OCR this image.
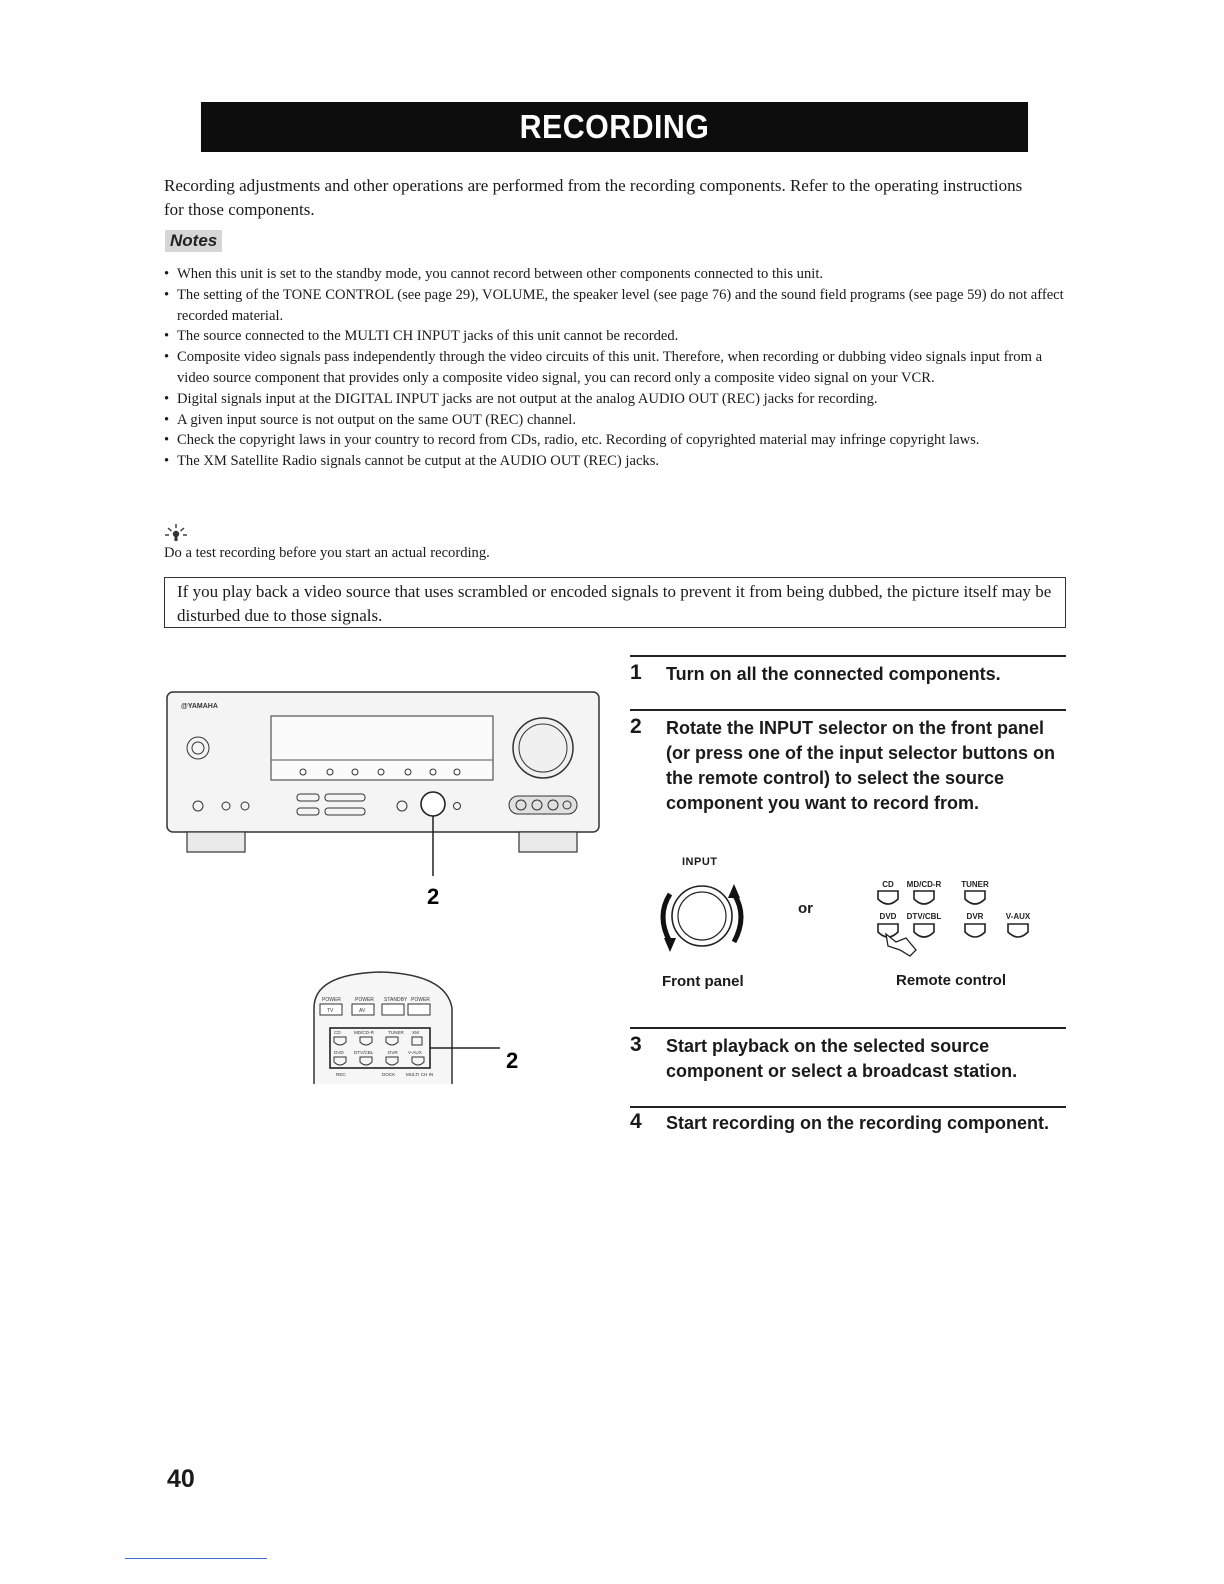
RECORDING
Recording adjustments and other operations are performed from the recording components. Refer to the operating instructions for those components.
Notes
• When this unit is set to the standby mode, you cannot record between other components connected to this unit.
• The setting of the TONE CONTROL (see page 29), VOLUME, the speaker level (see page 76) and the sound field programs (see page 59) do not affect recorded material.
• The source connected to the MULTI CH INPUT jacks of this unit cannot be recorded.
• Composite video signals pass independently through the video circuits of this unit. Therefore, when recording or dubbing video signals input from a video source component that provides only a composite video signal, you can record only a composite video signal on your VCR.
• Digital signals input at the DIGITAL INPUT jacks are not output at the analog AUDIO OUT (REC) jacks for recording.
• A given input source is not output on the same OUT (REC) channel.
• Check the copyright laws in your country to record from CDs, radio, etc. Recording of copyrighted material may infringe copyright laws.
• The XM Satellite Radio signals cannot be cutput at the AUDIO OUT (REC) jacks.
Do a test recording before you start an actual recording.
If you play back a video source that uses scrambled or encoded signals to prevent it from being dubbed, the picture itself may be disturbed due to those signals.
1 Turn on all the connected components.
2 Rotate the INPUT selector on the front panel (or press one of the input selector buttons on the remote control) to select the source component you want to record from.
3 Start playback on the selected source component or select a broadcast station.
4 Start recording on the recording component.
@YAMAHA
2
POWER	POWER STANDBY POWER
TV	AV
CD	MD/CD-R	TUNER XM
DVD DTV/CBL	DVR V-AUX
REC	DOCK MULTI CH IN
2
INPUT
or
CD MD/CD-R TUNER
DVD DTV/CBL	DVR	V-AUX
Front panel	Remote control
40
